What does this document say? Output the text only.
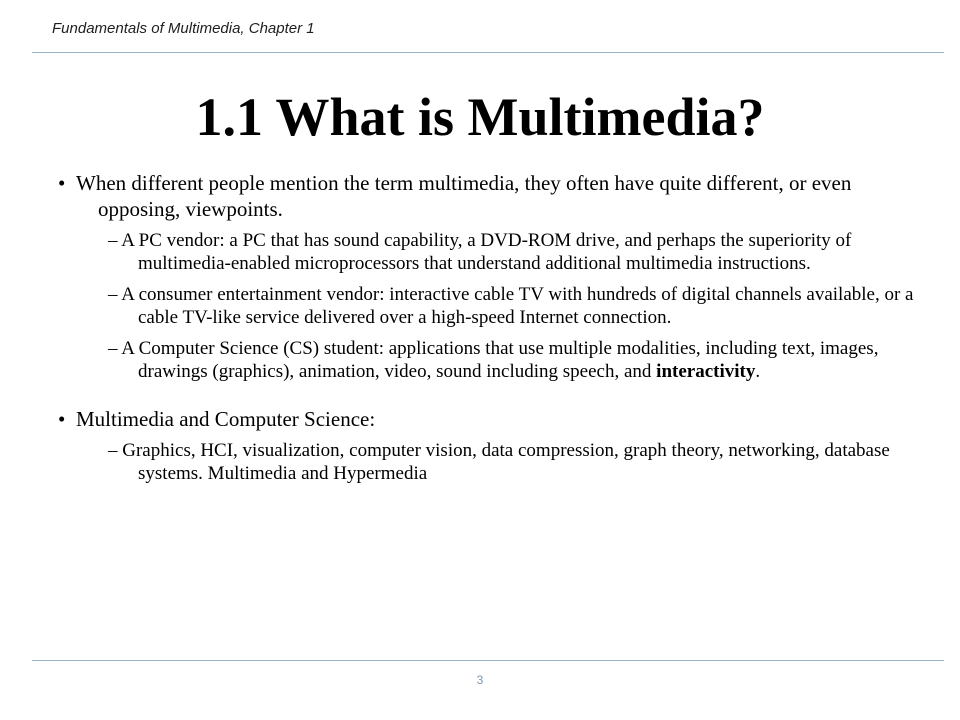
Fundamentals of Multimedia, Chapter 1
1.1 What is Multimedia?
• When different people mention the term multimedia, they often have quite different, or even opposing, viewpoints.
– A PC vendor: a PC that has sound capability, a DVD-ROM drive, and perhaps the superiority of multimedia-enabled microprocessors that understand additional multimedia instructions.
– A consumer entertainment vendor: interactive cable TV with hundreds of digital channels available, or a cable TV-like service delivered over a high-speed Internet connection.
– A Computer Science (CS) student: applications that use multiple modalities, including text, images, drawings (graphics), animation, video, sound including speech, and interactivity.
• Multimedia and Computer Science:
– Graphics, HCI, visualization, computer vision, data compression, graph theory, networking, database systems. Multimedia and Hypermedia
3
